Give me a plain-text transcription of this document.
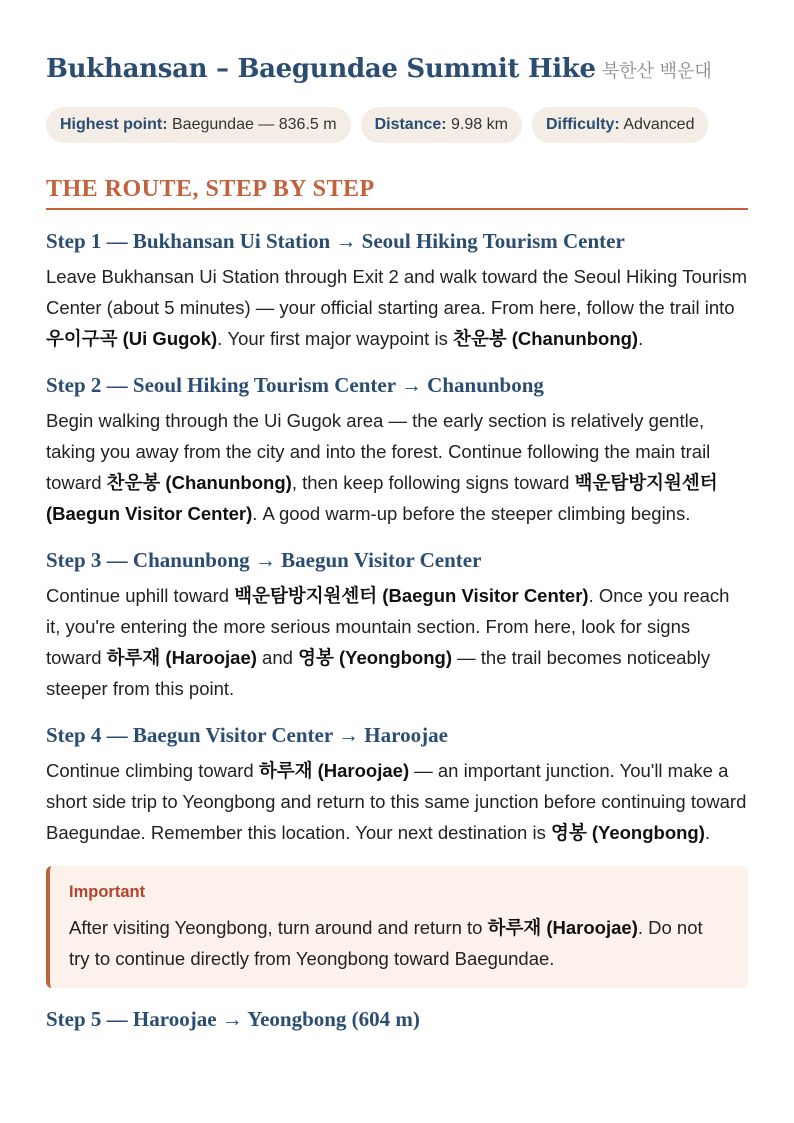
Bukhansan – Baegundae Summit Hike 북한산 백운대
Highest point: Baegundae — 836.5 m	Distance: 9.98 km	Difficulty: Advanced
THE ROUTE, STEP BY STEP
Step 1 — Bukhansan Ui Station → Seoul Hiking Tourism Center

Leave Bukhansan Ui Station through Exit 2 and walk toward the Seoul Hiking Tourism Center (about 5 minutes) — your official starting area. From here, follow the trail into 우이구곡 (Ui Gugok). Your first major waypoint is 찬운봉 (Chanunbong).

Step 2 — Seoul Hiking Tourism Center → Chanunbong

Begin walking through the Ui Gugok area — the early section is relatively gentle, taking you away from the city and into the forest. Continue following the main trail toward 찬운봉 (Chanunbong), then keep following signs toward 백운탐방지원센터 (Baegun Visitor Center). A good warm-up before the steeper climbing begins.

Step 3 — Chanunbong → Baegun Visitor Center

Continue uphill toward 백운탐방지원센터 (Baegun Visitor Center). Once you reach it, you're entering the more serious mountain section. From here, look for signs toward 하루재 (Haroojae) and 영봉 (Yeongbong) — the trail becomes noticeably steeper from this point.

Step 4 — Baegun Visitor Center → Haroojae

Continue climbing toward 하루재 (Haroojae) — an important junction. You'll make a short side trip to Yeongbong and return to this same junction before continuing toward Baegundae. Remember this location. Your next destination is 영봉 (Yeongbong).

Important

After visiting Yeongbong, turn around and return to 하루재 (Haroojae). Do not try to continue directly from Yeongbong toward Baegundae.

Step 5 — Haroojae → Yeongbong (604 m)
